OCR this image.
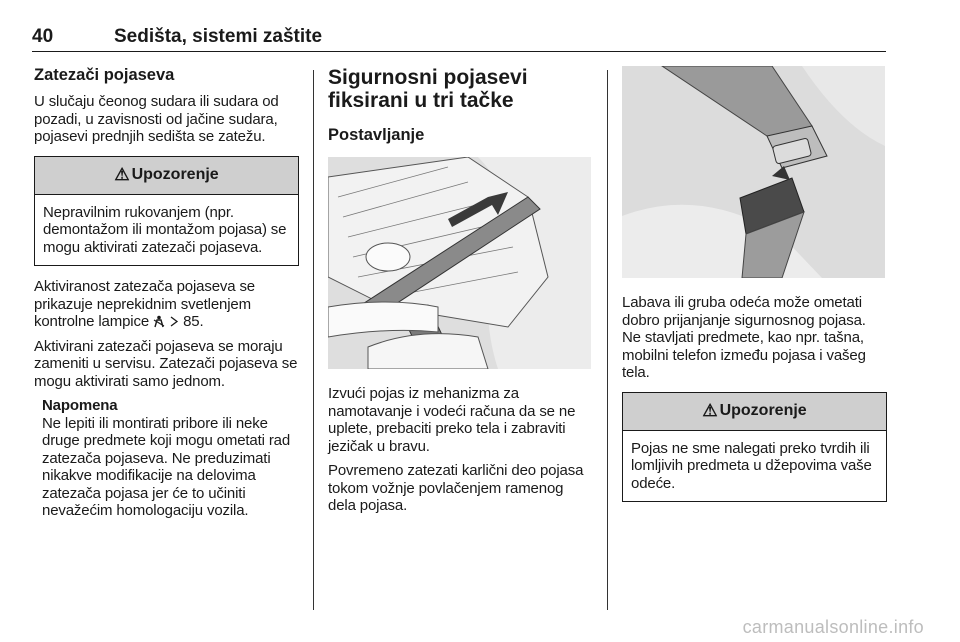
40	Sedišta, sistemi zaštite
Zatezači pojaseva

U slučaju čeonog sudara ili sudara od pozadi, u zavisnosti od jačine sudara, pojasevi prednjih sedišta se zatežu.

⚠ Upozorenje
Nepravilnim rukovanjem (npr. demontažom ili montažom pojasa) se mogu aktivirati zatezači pojaseva.

Aktiviranost zatezača pojaseva se prikazuje neprekidnim svetlenjem kontrolne lampice   85.

Aktivirani zatezači pojaseva se moraju zameniti u servisu. Zatezači pojaseva se mogu aktivirati samo jednom.

Napomena
Ne lepiti ili montirati pribore ili neke druge predmete koji mogu ometati rad zatezača pojaseva. Ne preduzimati nikakve modifikacije na delovima zatezača pojasa jer će to učiniti nevažećim homologaciju vozila.
Sigurnosni pojasevi fiksirani u tri tačke
Postavljanje

Izvući pojas iz mehanizma za namotavanje i vodeći računa da se ne uplete, prebaciti preko tela i zabraviti jezičak u bravu.

Povremeno zatezati karlični deo pojasa tokom vožnje povlačenjem ramenog dela pojasa.

Labava ili gruba odeća može ometati dobro prijanjanje sigurnosnog pojasa. Ne stavljati predmete, kao npr. tašna, mobilni telefon između pojasa i vašeg tela.

⚠ Upozorenje
Pojas ne sme nalegati preko tvrdih ili lomljivih predmeta u džepovima vaše odeće.
carmanualsonline.info
